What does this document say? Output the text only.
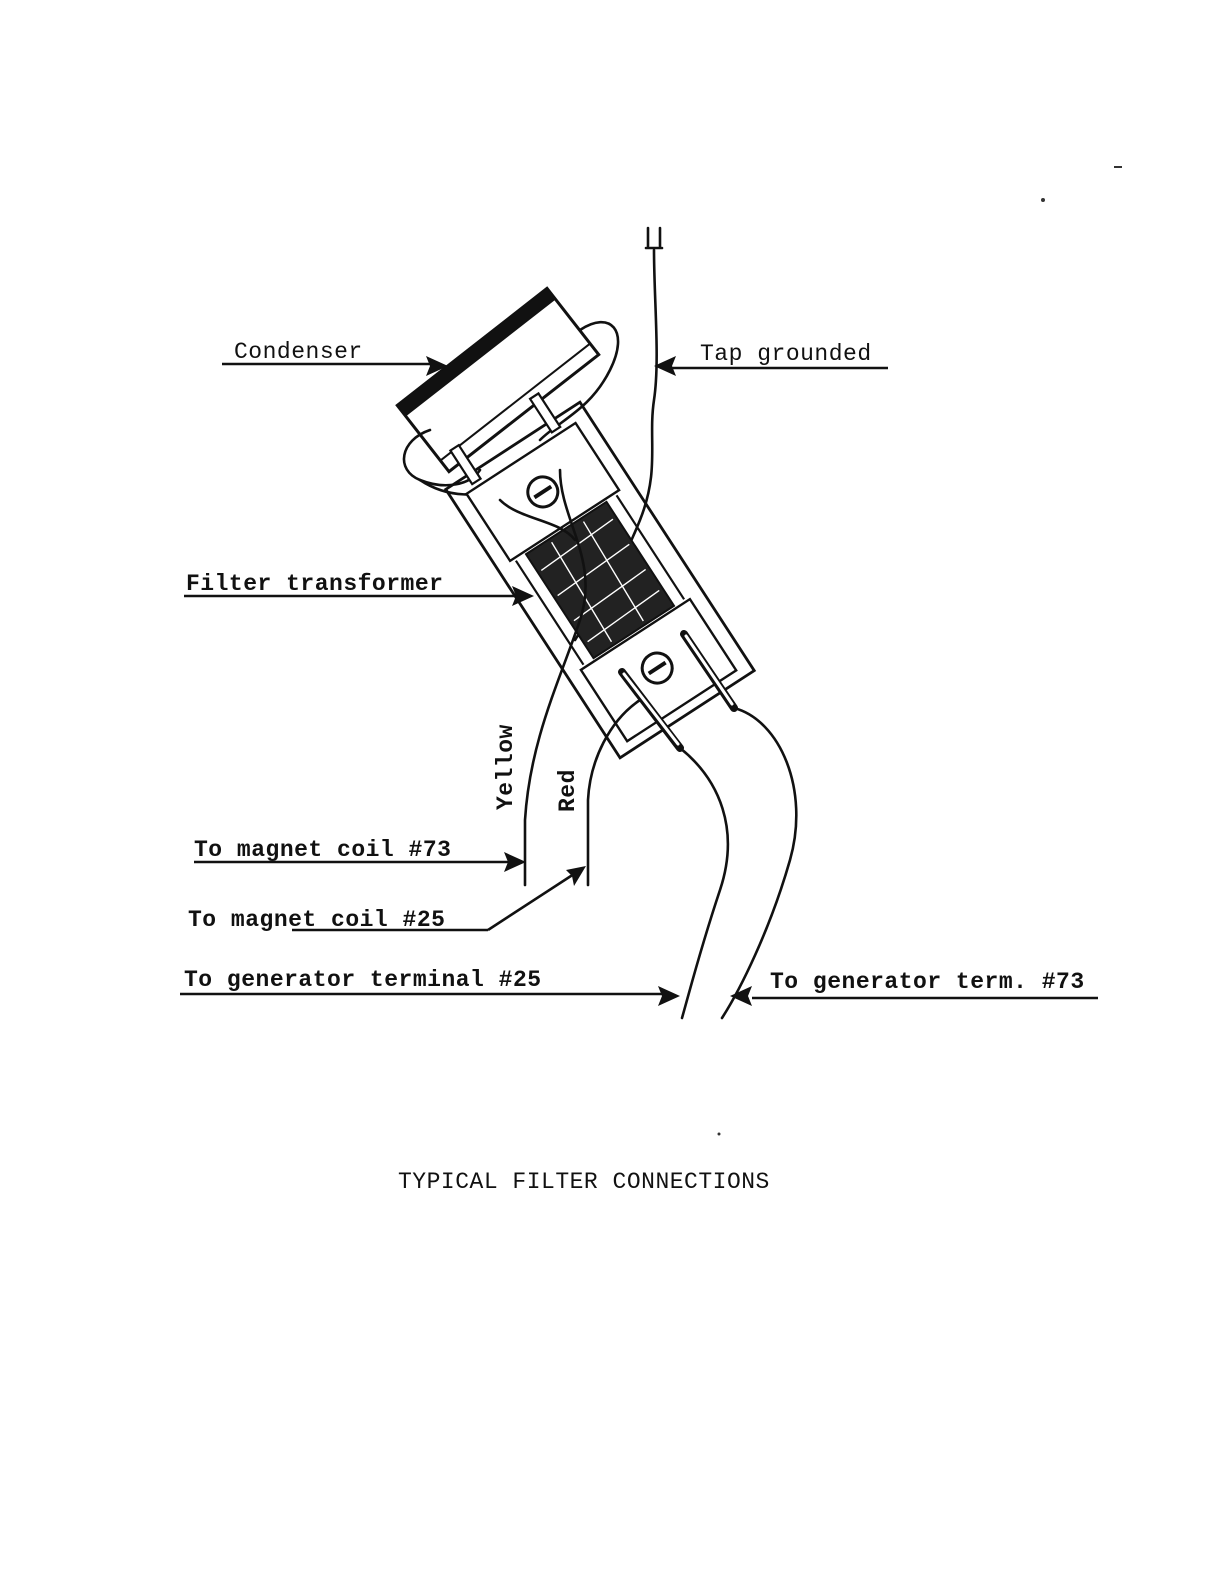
Condenser	Tap grounded
Filter transformer
Yellow Red
To magnet coil #73
To magnet coil #25
To generator terminal #25	To generator term. #73
TYPICAL FILTER CONNECTIONS
